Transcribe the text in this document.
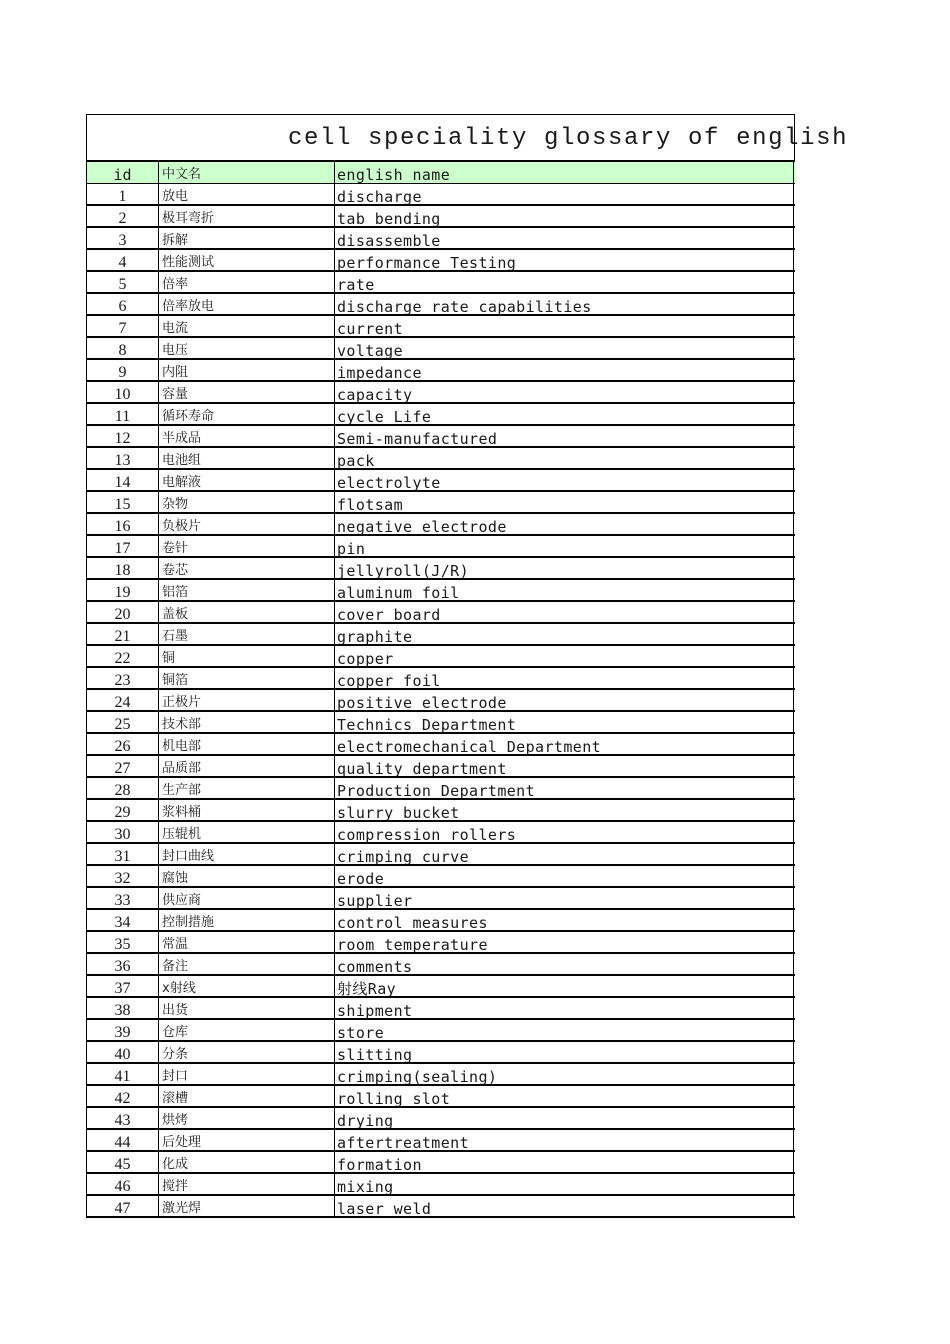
cell speciality glossary of english
id	中文名	english name
1	放电	discharge
2	极耳弯折	tab bending
3	拆解	disassemble
4	性能测试	performance Testing
5	倍率	rate
6	倍率放电	discharge rate capabilities
7	电流	current
8	电压	voltage
9	内阻	impedance
10	容量	capacity
11	循环寿命	cycle Life
12	半成品	Semi-manufactured
13	电池组	pack
14	电解液	electrolyte
15	杂物	flotsam
16	负极片	negative electrode
17	卷针	pin
18	卷芯	jellyroll(J/R)
19	铝箔	aluminum foil
20	盖板	cover board
21	石墨	graphite
22	铜	copper
23	铜箔	copper foil
24	正极片	positive electrode
25	技术部	Technics Department
26	机电部	electromechanical Department
27	品质部	quality department
28	生产部	Production Department
29	浆料桶	slurry bucket
30	压辊机	compression rollers
31	封口曲线	crimping curve
32	腐蚀	erode
33	供应商	supplier
34	控制措施	control measures
35	常温	room temperature
36	备注	comments
37	x射线	射线Ray
38	出货	shipment
39	仓库	store
40	分条	slitting
41	封口	crimping(sealing)
42	滚槽	rolling slot
43	烘烤	drying
44	后处理	aftertreatment
45	化成	formation
46	搅拌	mixing
47	激光焊	laser weld
